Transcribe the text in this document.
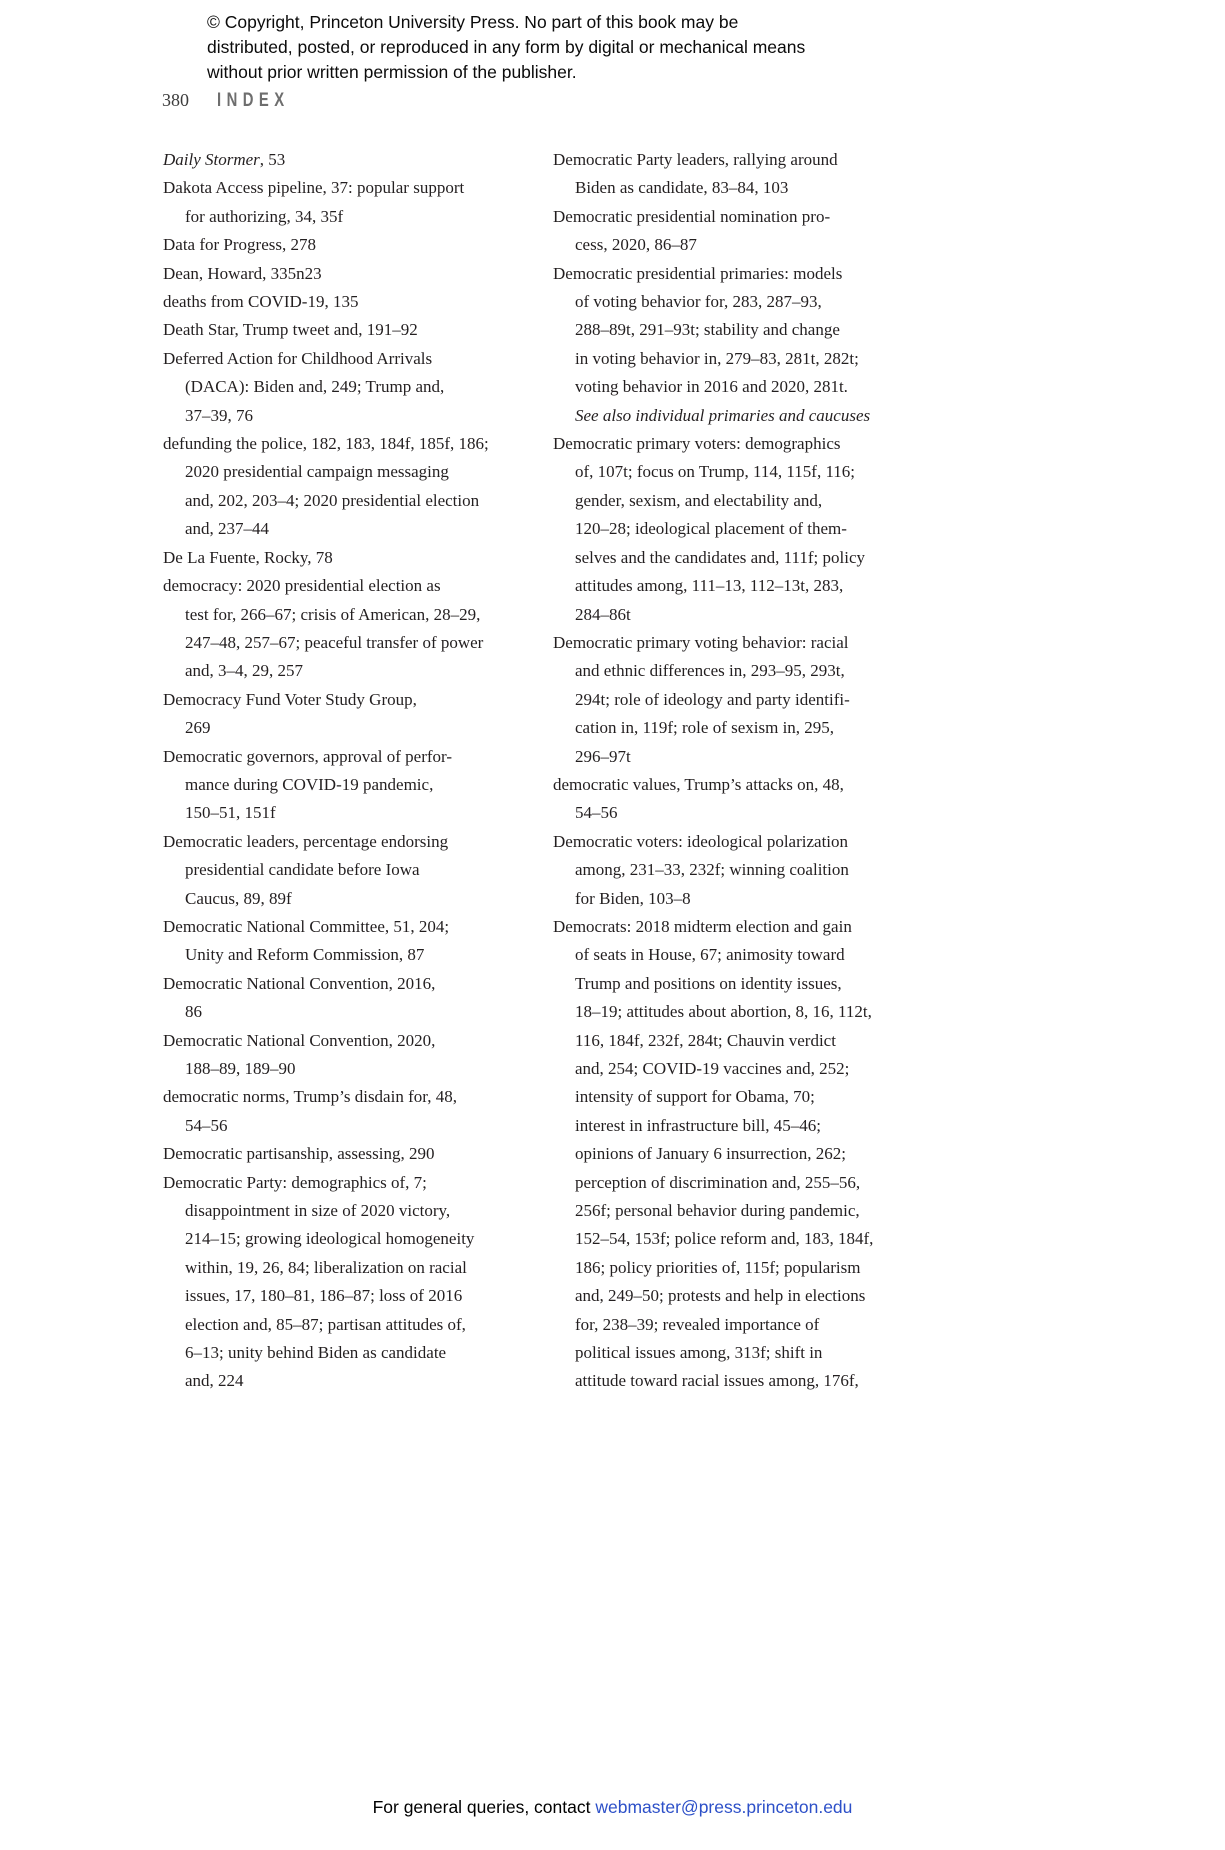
© Copyright, Princeton University Press. No part of this book may be distributed, posted, or reproduced in any form by digital or mechanical means without prior written permission of the publisher.
380 INDEX
Daily Stormer, 53
Dakota Access pipeline, 37: popular support
for authorizing, 34, 35f
Data for Progress, 278
Dean, Howard, 335n23
deaths from COVID-19, 135
Death Star, Trump tweet and, 191–92
Deferred Action for Childhood Arrivals
(DACA): Biden and, 249; Trump and,
37–39, 76
defunding the police, 182, 183, 184f, 185f, 186;
2020 presidential campaign messaging
and, 202, 203–4; 2020 presidential election
and, 237–44
De La Fuente, Rocky, 78
democracy: 2020 presidential election as
test for, 266–67; crisis of American, 28–29,
247–48, 257–67; peaceful transfer of power
and, 3–4, 29, 257
Democracy Fund Voter Study Group,
269
Democratic governors, approval of perfor-
mance during COVID-19 pandemic,
150–51, 151f
Democratic leaders, percentage endorsing
presidential candidate before Iowa
Caucus, 89, 89f
Democratic National Committee, 51, 204;
Unity and Reform Commission, 87
Democratic National Convention, 2016,
86
Democratic National Convention, 2020,
188–89, 189–90
democratic norms, Trump’s disdain for, 48,
54–56
Democratic partisanship, assessing, 290
Democratic Party: demographics of, 7;
disappointment in size of 2020 victory,
214–15; growing ideological homogeneity
within, 19, 26, 84; liberalization on racial
issues, 17, 180–81, 186–87; loss of 2016
election and, 85–87; partisan attitudes of,
6–13; unity behind Biden as candidate
and, 224
Democratic Party leaders, rallying around
Biden as candidate, 83–84, 103
Democratic presidential nomination pro-
cess, 2020, 86–87
Democratic presidential primaries: models
of voting behavior for, 283, 287–93,
288–89t, 291–93t; stability and change
in voting behavior in, 279–83, 281t, 282t;
voting behavior in 2016 and 2020, 281t.
See also individual primaries and caucuses
Democratic primary voters: demographics
of, 107t; focus on Trump, 114, 115f, 116;
gender, sexism, and electability and,
120–28; ideological placement of them-
selves and the candidates and, 111f; policy
attitudes among, 111–13, 112–13t, 283,
284–86t
Democratic primary voting behavior: racial
and ethnic differences in, 293–95, 293t,
294t; role of ideology and party identifi-
cation in, 119f; role of sexism in, 295,
296–97t
democratic values, Trump’s attacks on, 48,
54–56
Democratic voters: ideological polarization
among, 231–33, 232f; winning coalition
for Biden, 103–8
Democrats: 2018 midterm election and gain
of seats in House, 67; animosity toward
Trump and positions on identity issues,
18–19; attitudes about abortion, 8, 16, 112t,
116, 184f, 232f, 284t; Chauvin verdict
and, 254; COVID-19 vaccines and, 252;
intensity of support for Obama, 70;
interest in infrastructure bill, 45–46;
opinions of January 6 insurrection, 262;
perception of discrimination and, 255–56,
256f; personal behavior during pandemic,
152–54, 153f; police reform and, 183, 184f,
186; policy priorities of, 115f; popularism
and, 249–50; protests and help in elections
for, 238–39; revealed importance of
political issues among, 313f; shift in
attitude toward racial issues among, 176f,
For general queries, contact webmaster@press.princeton.edu
